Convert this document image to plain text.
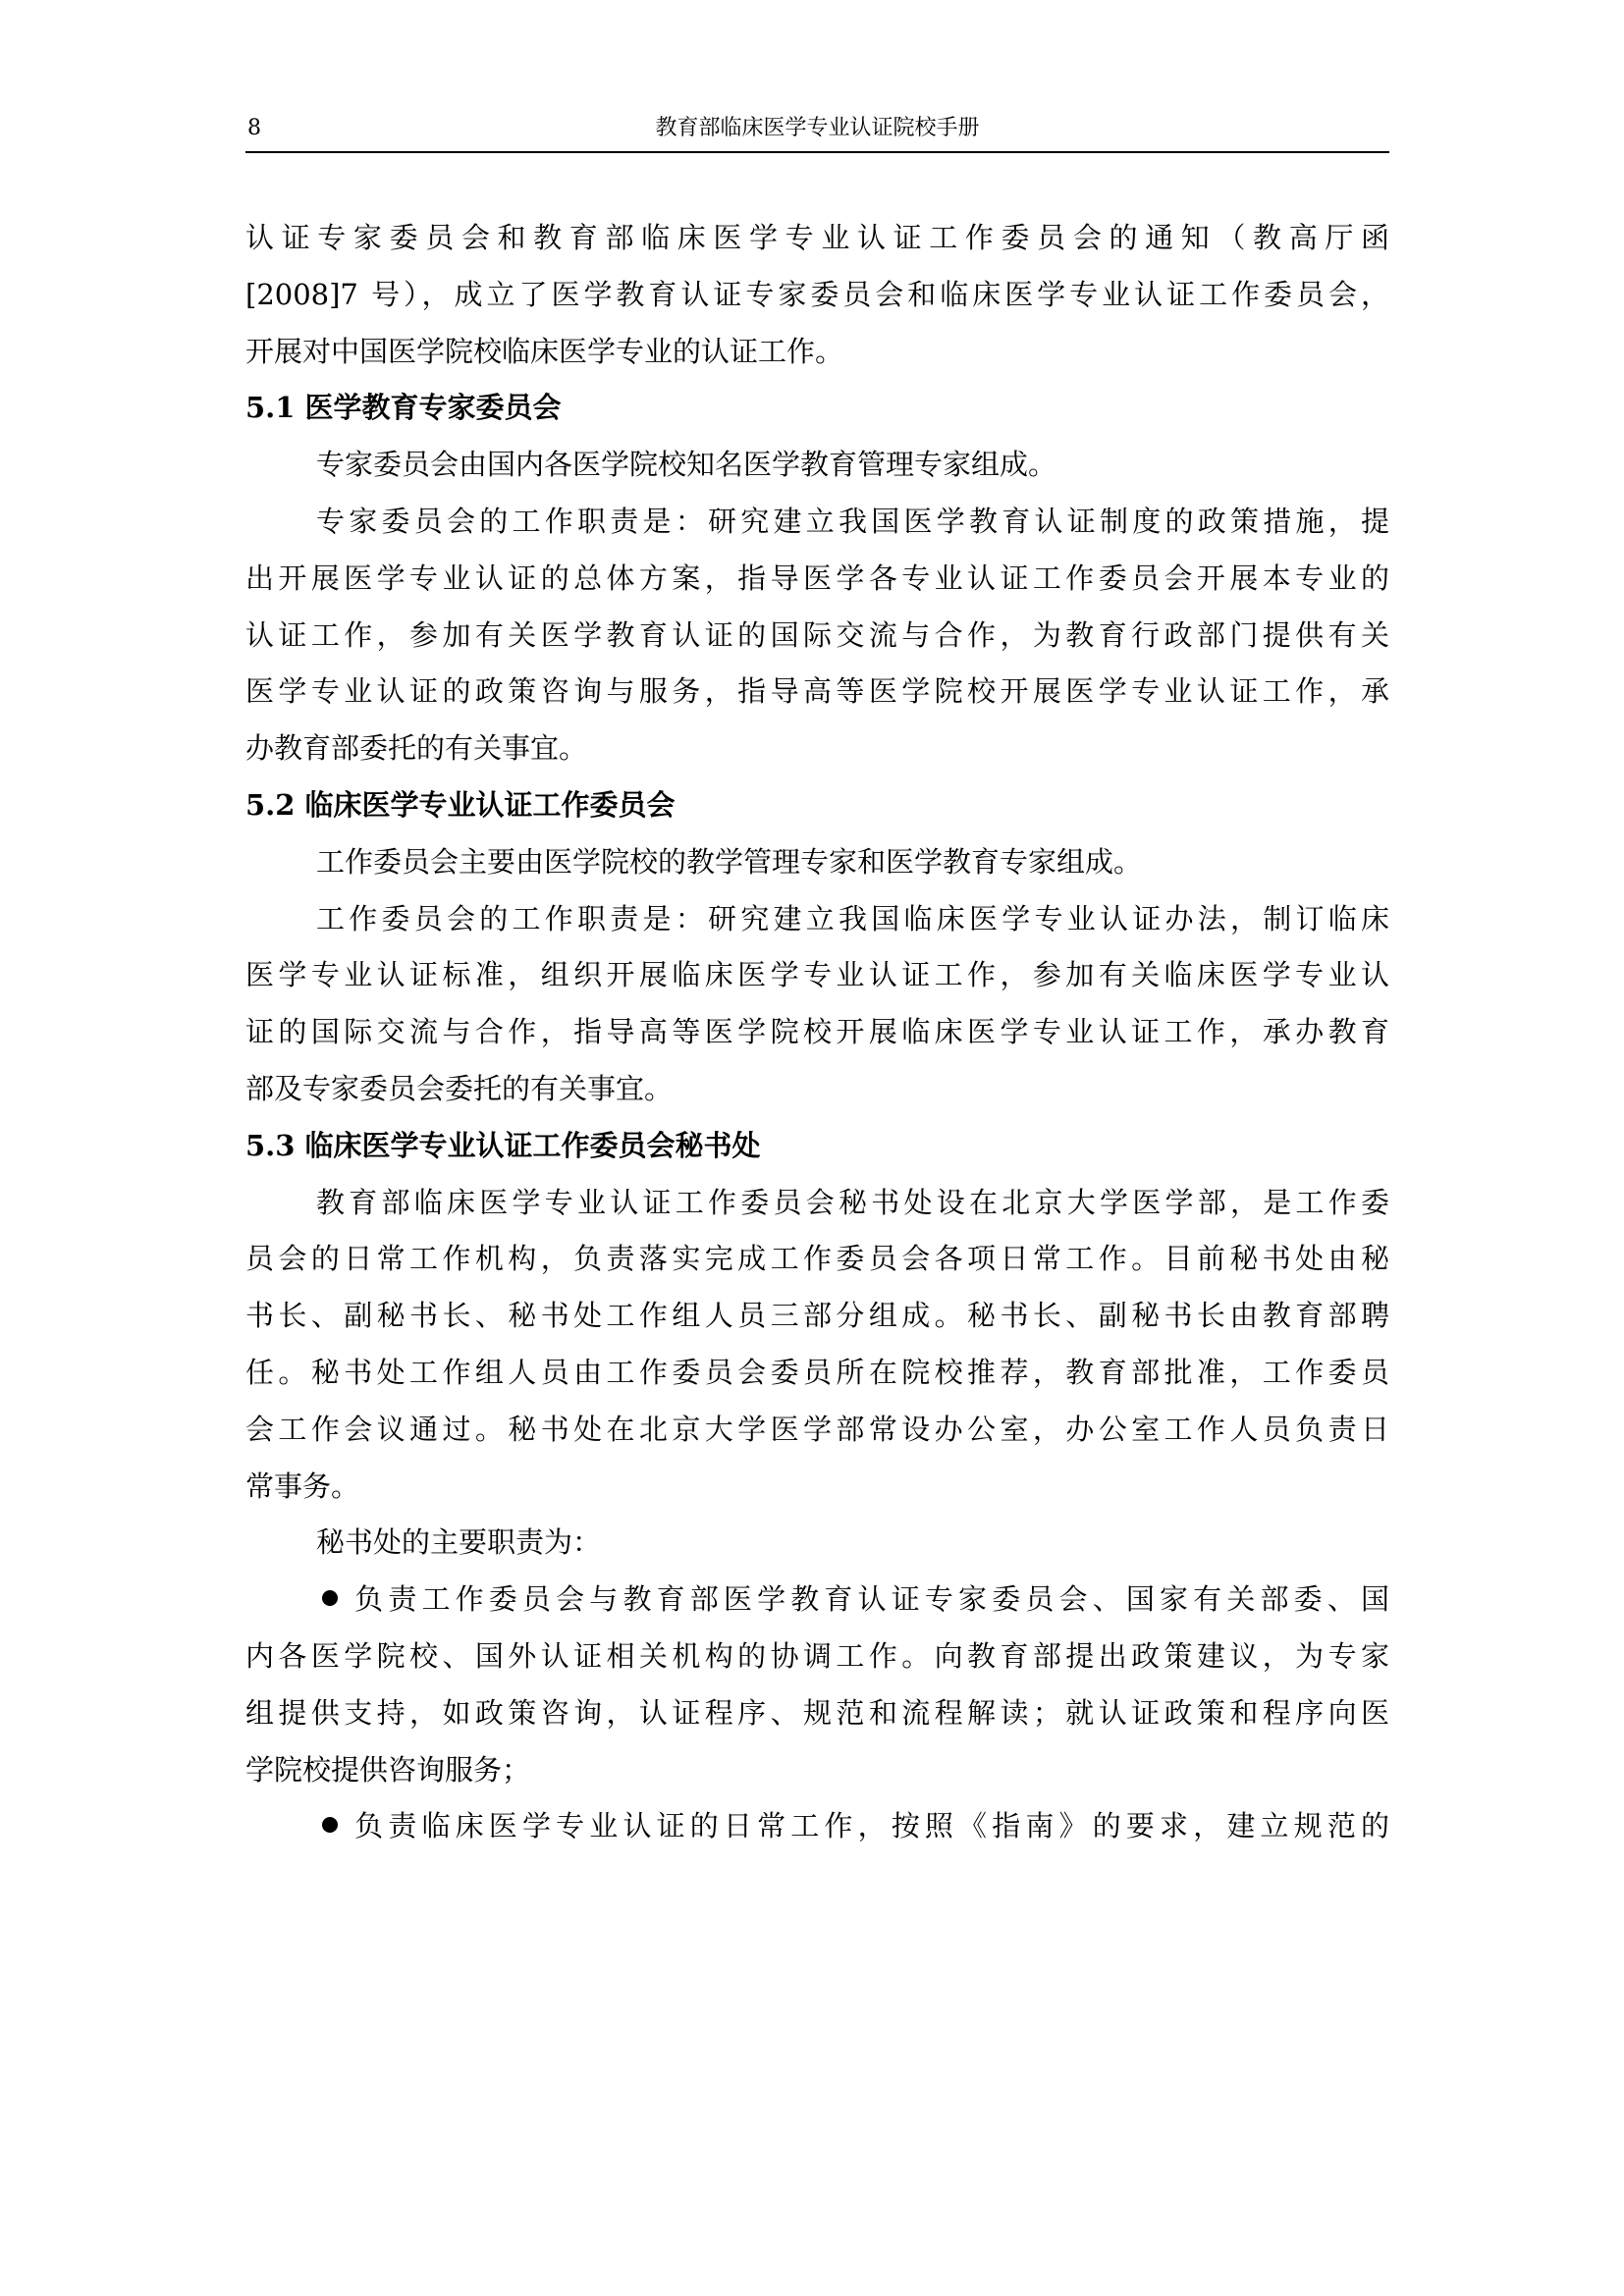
8	教育部临床医学专业认证院校手册
认证专家委员会和教育部临床医学专业认证工作委员会的通知（教高厅函
[2008]7 号），成立了医学教育认证专家委员会和临床医学专业认证工作委员会，
开展对中国医学院校临床医学专业的认证工作。
5.1 医学教育专家委员会
专家委员会由国内各医学院校知名医学教育管理专家组成。
专家委员会的工作职责是：研究建立我国医学教育认证制度的政策措施，提
出开展医学专业认证的总体方案，指导医学各专业认证工作委员会开展本专业的
认证工作，参加有关医学教育认证的国际交流与合作，为教育行政部门提供有关
医学专业认证的政策咨询与服务，指导高等医学院校开展医学专业认证工作，承
办教育部委托的有关事宜。
5.2 临床医学专业认证工作委员会
工作委员会主要由医学院校的教学管理专家和医学教育专家组成。
工作委员会的工作职责是：研究建立我国临床医学专业认证办法，制订临床
医学专业认证标准，组织开展临床医学专业认证工作，参加有关临床医学专业认
证的国际交流与合作，指导高等医学院校开展临床医学专业认证工作，承办教育
部及专家委员会委托的有关事宜。
5.3 临床医学专业认证工作委员会秘书处
教育部临床医学专业认证工作委员会秘书处设在北京大学医学部，是工作委
员会的日常工作机构，负责落实完成工作委员会各项日常工作。目前秘书处由秘
书长、副秘书长、秘书处工作组人员三部分组成。秘书长、副秘书长由教育部聘
任。秘书处工作组人员由工作委员会委员所在院校推荐，教育部批准，工作委员
会工作会议通过。秘书处在北京大学医学部常设办公室，办公室工作人员负责日
常事务。
秘书处的主要职责为：
负责工作委员会与教育部医学教育认证专家委员会、国家有关部委、国
内各医学院校、国外认证相关机构的协调工作。向教育部提出政策建议，为专家
组提供支持，如政策咨询，认证程序、规范和流程解读；就认证政策和程序向医
学院校提供咨询服务；
负责临床医学专业认证的日常工作，按照《指南》的要求，建立规范的
